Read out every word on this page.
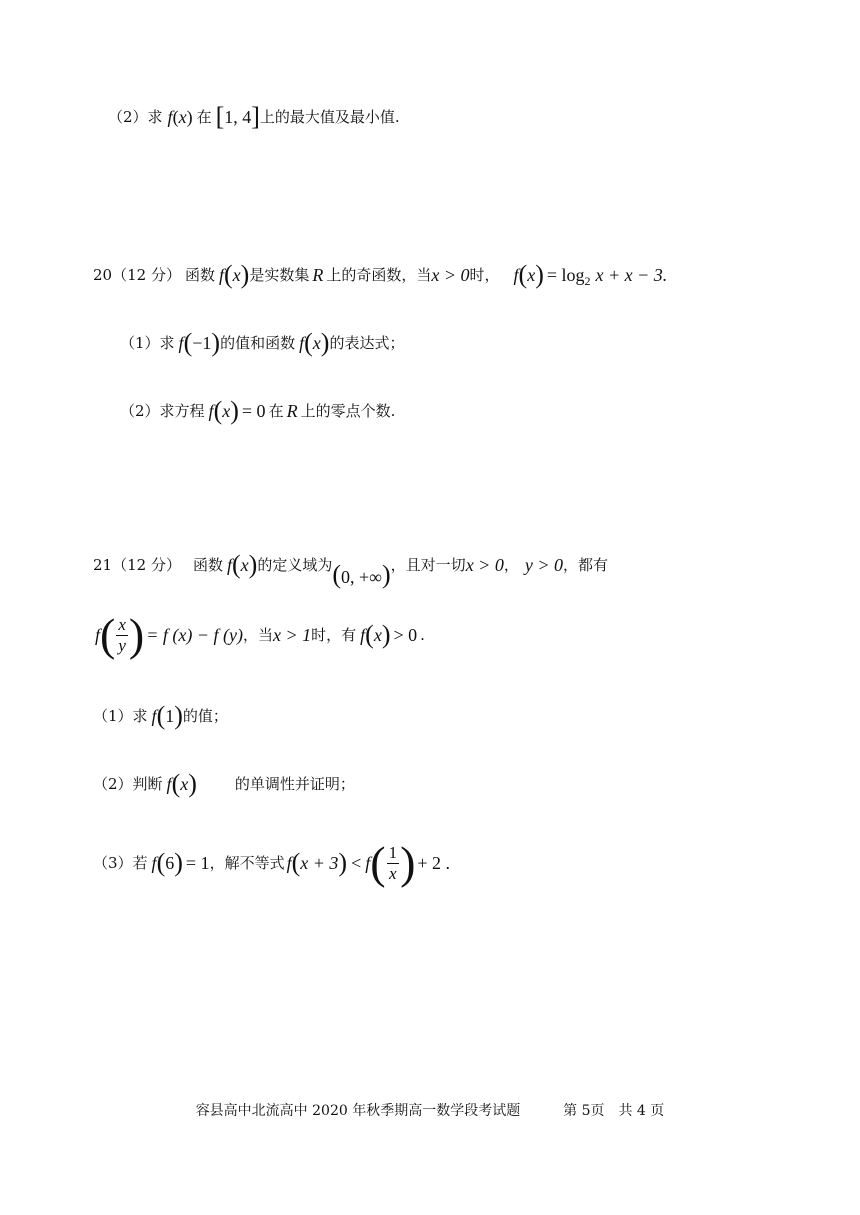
（2）求 f (x) 在 [ 1, 4 ] 上的最大值及最小值.
20（12 分） 函数 f ( x ) 是实数集 R 上的奇函数，当 x > 0 时， f ( x ) = log 2 x + x − 3.
（1）求 f ( −1 ) 的值和函数 f ( x ) 的表达式；
（2）求方程 f ( x ) = 0 在 R 上的零点个数.
21（12 分） 函数 f ( x ) 的定义域为 (0, +∞) ，且对一切 x > 0 ， y > 0 ，都有
f ( $\frac{x}{y}$ ) = f (x) − f (y) ，当 x > 1 时，有 f ( x ) > 0 .
（1）求 f ( 1 ) 的值；
（2）判断 f ( x )	的单调性并证明；
（3）若 f ( 6 ) = 1 ，解不等式 f ( x + 3 ) < f ( $\frac{1}{x}$ ) + 2 .
容县高中北流高中 2020 年秋季期高一数学段考试题	第 5页　共 4 页
